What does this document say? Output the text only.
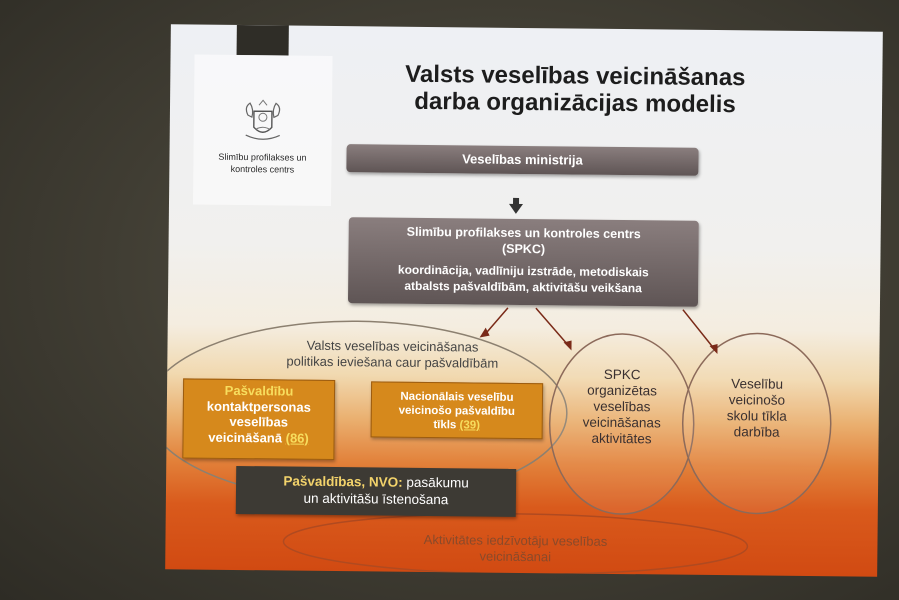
Slimību profilakses un
kontroles centrs
Valsts veselības veicināšanas
darba organizācijas modelis
Veselības ministrija
Slimību profilakses un kontroles centrs
(SPKC)
koordinācija, vadlīniju izstrāde, metodiskais
atbalsts pašvaldībām, aktivitāšu veikšana
Valsts veselības veicināšanas
politikas ieviešana caur pašvaldībām
SPKC
organizētas
veselības
veicināšanas
aktivitātes
Veselību
veicinošo
skolu tīkla
darbība
Pašvaldību
kontaktpersonas
veselības
veicināšanā (86)
Nacionālais veselību
veicinošo pašvaldību
tīkls (39)
Pašvaldības, NVO: pasākumu
un aktivitāšu īstenošana
Aktivitātes iedzīvotāju veselības
veicināšanai
